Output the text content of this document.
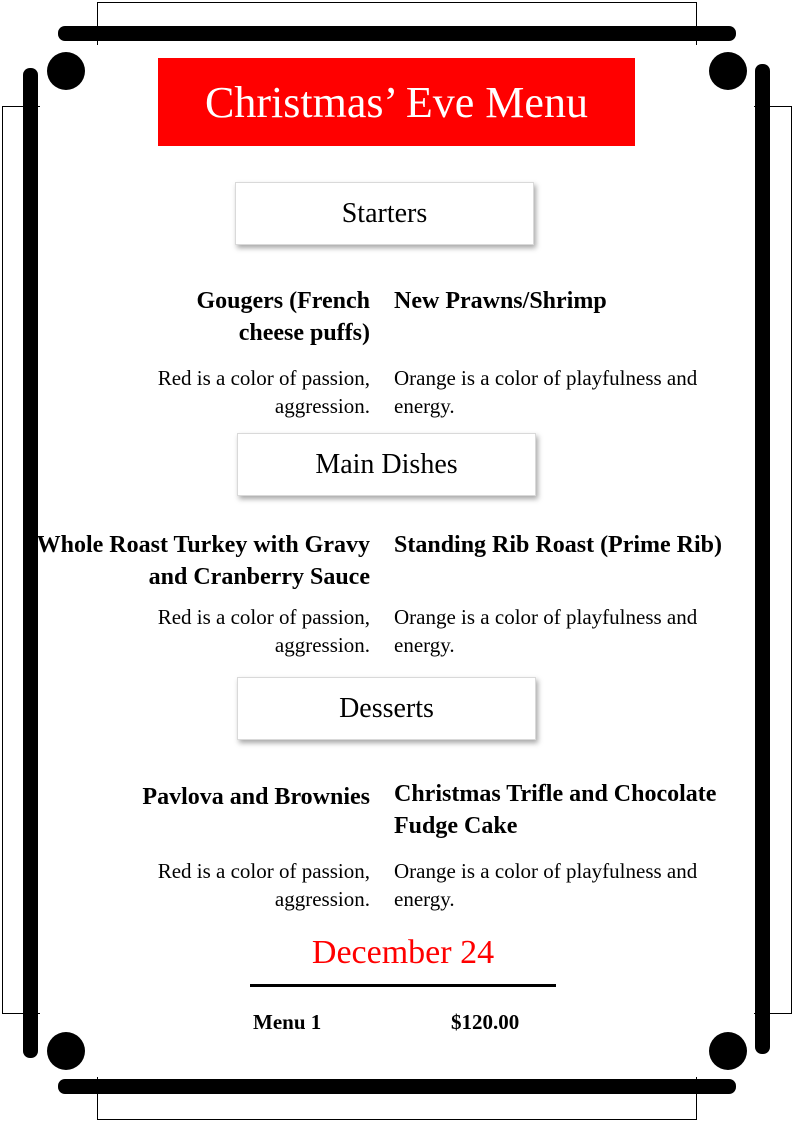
Christmas’ Eve Menu
Starters
Gougers (French cheese puffs)
Red is a color of passion, aggression.
New Prawns/Shrimp
Orange is a color of playfulness and energy.
Main Dishes
Whole Roast Turkey with Gravy and Cranberry Sauce
Red is a color of passion, aggression.
Standing Rib Roast (Prime Rib)
Orange is a color of playfulness and energy.
Desserts
Pavlova and Brownies
Red is a color of passion, aggression.
Christmas Trifle and Chocolate Fudge Cake
Orange is a color of playfulness and energy.
December 24
Menu 1	$120.00
